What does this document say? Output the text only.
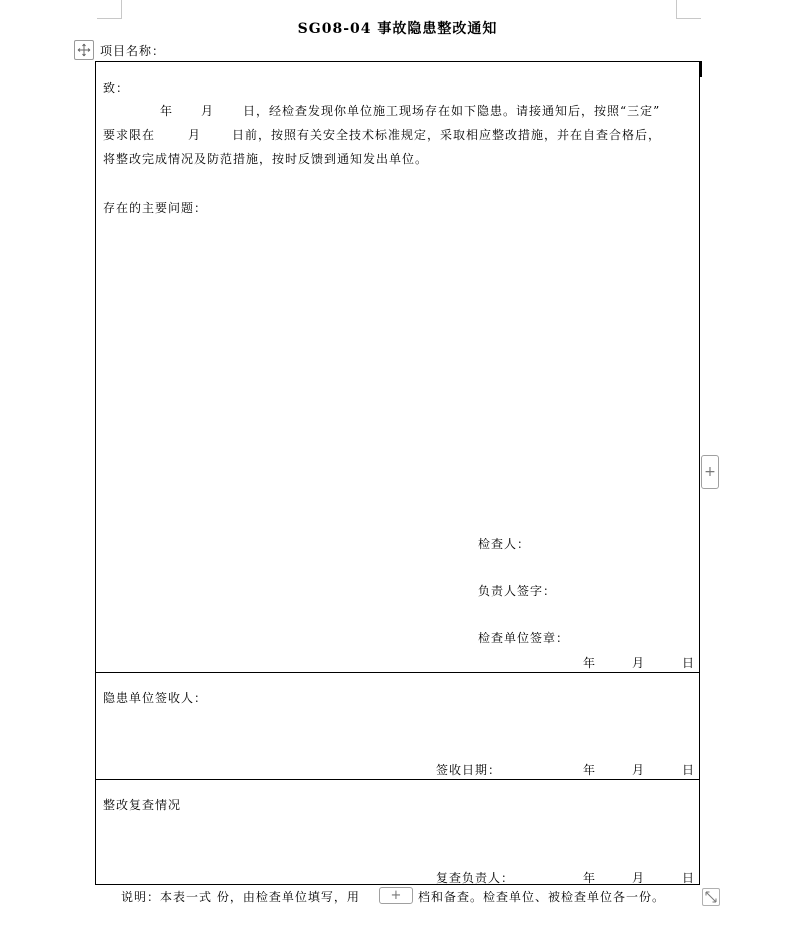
SG08-04 事故隐患整改通知
项目名称：
致：
年 月 日，经检查发现你单位施工现场存在如下隐患。请接通知后，按照“三定”
要求限在	月	日前，按照有关安全技术标准规定，采取相应整改措施，并在自查合格后，
将整改完成情况及防范措施，按时反馈到通知发出单位。
存在的主要问题：
检查人：
负责人签字：
检查单位签章：
年	月	日
隐患单位签收人：
签收日期：	年	月	日
整改复查情况
复查负责人：	年	月	日
说明：本表一式 份，由检查单位填写，用	档和备查。检查单位、被检查单位各一份。
+
+
